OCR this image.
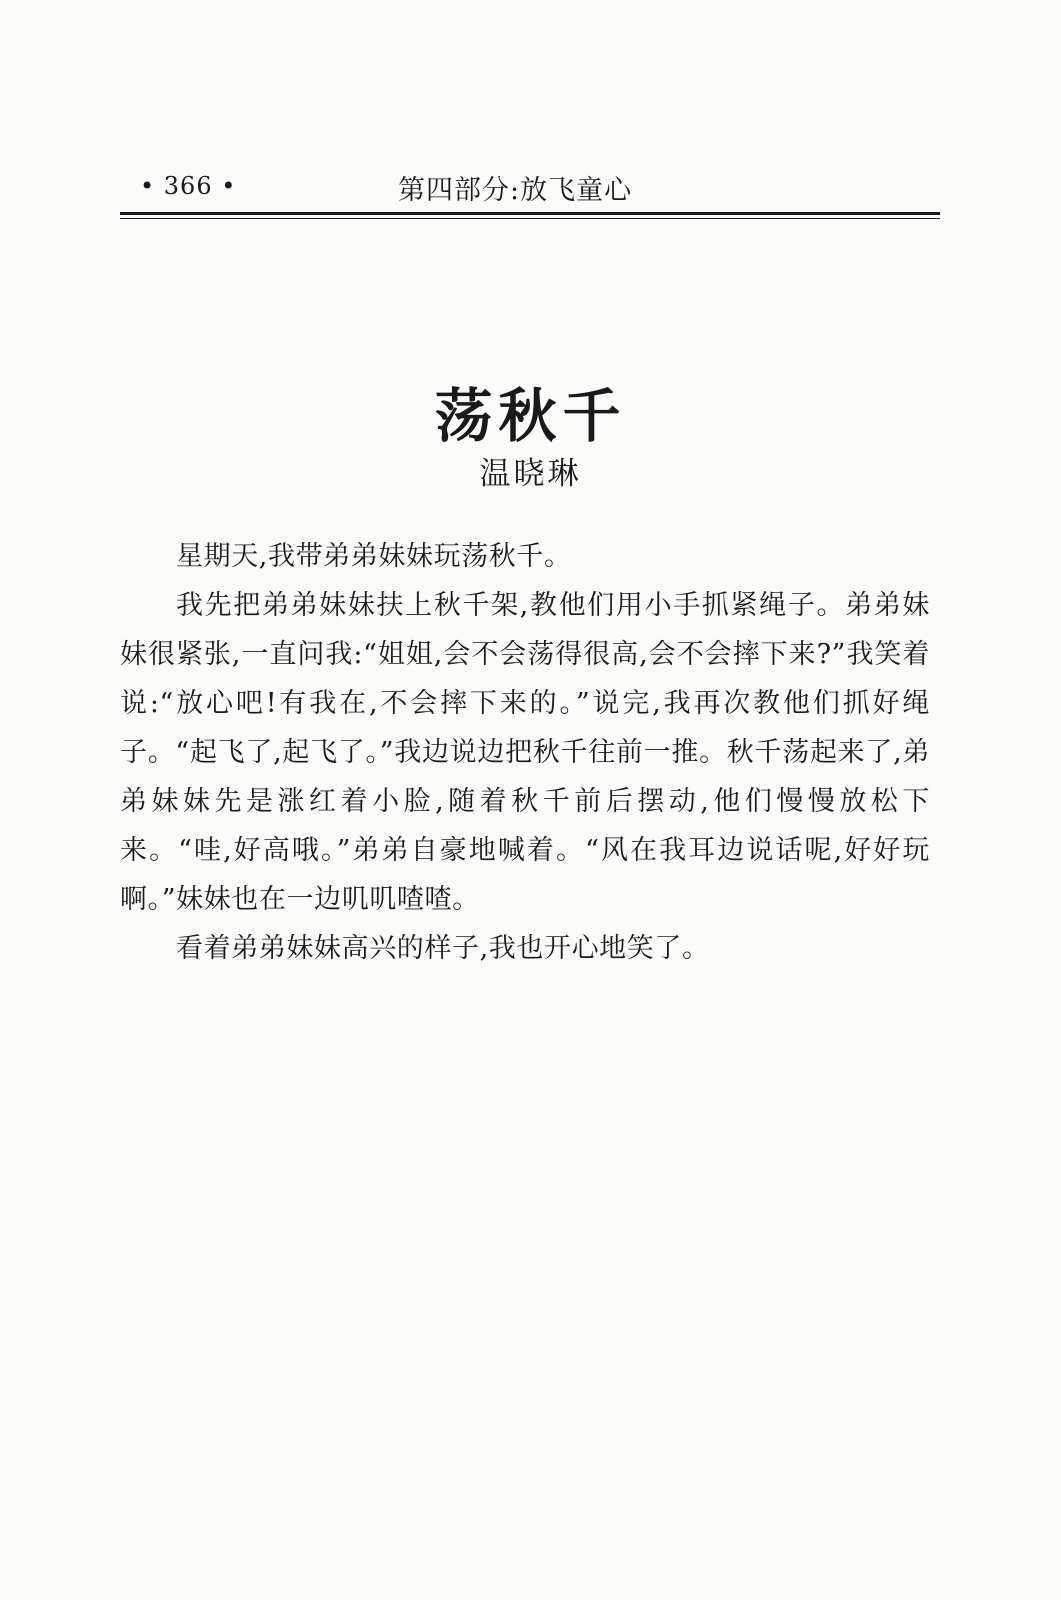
• 366 •	第四部分:放飞童心
荡秋千
温晓琳

星期天,我带弟弟妹妹玩荡秋千。

我先把弟弟妹妹扶上秋千架,教他们用小手抓紧绳子。弟弟妹妹很紧张,一直问我:“姐姐,会不会荡得很高,会不会摔下来?”我笑着说:“放心吧!有我在,不会摔下来的。”说完,我再次教他们抓好绳子。“起飞了,起飞了。”我边说边把秋千往前一推。秋千荡起来了,弟弟妹妹先是涨红着小脸,随着秋千前后摆动,他们慢慢放松下来。“哇,好高哦。”弟弟自豪地喊着。“风在我耳边说话呢,好好玩啊。”妹妹也在一边叽叽喳喳。

看着弟弟妹妹高兴的样子,我也开心地笑了。
